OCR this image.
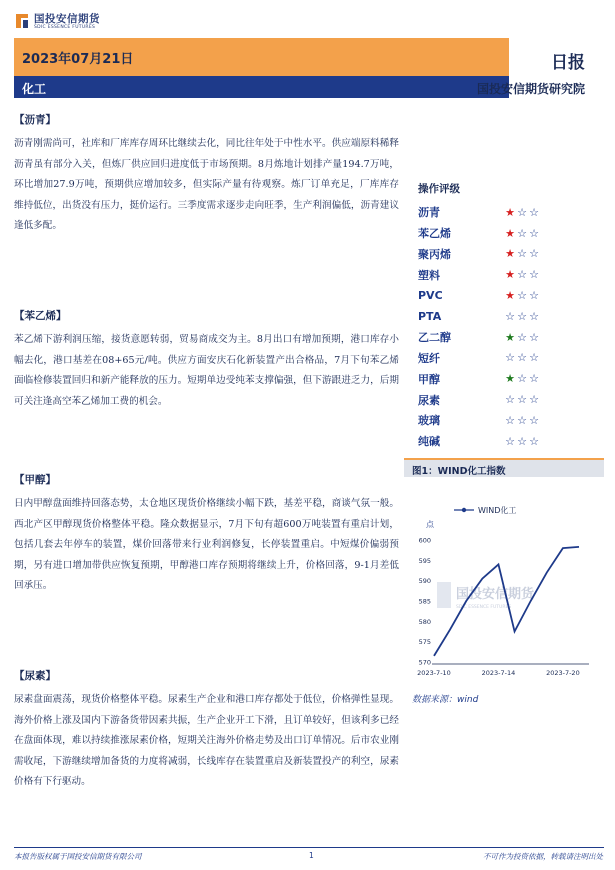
国投安信期货
SDIC ESSENCE FUTURES
2023年07月21日
化工
日报
国投安信期货研究院
【沥青】
沥青刚需尚可，社库和厂库库存周环比继续去化，同比往年处于中性水平。供应端原料稀释沥青虽有部分入关，但炼厂供应回归进度低于市场预期。8月炼地计划排产量194.7万吨，环比增加27.9万吨，预期供应增加较多，但实际产量有待观察。炼厂订单充足，厂库库存维持低位，出货没有压力，挺价运行。三季度需求逐步走向旺季，生产利润偏低，沥青建议逢低多配。
【苯乙烯】
苯乙烯下游利润压缩，接货意愿转弱，贸易商成交为主。8月出口有增加预期，港口库存小幅去化，港口基差在08+65元/吨。供应方面安庆石化新装置产出合格品，7月下旬苯乙烯面临检修装置回归和新产能释放的压力。短期单边受纯苯支撑偏强，但下游跟进乏力，后期可关注逢高空苯乙烯加工费的机会。
【甲醇】
日内甲醇盘面维持回落态势，太仓地区现货价格继续小幅下跌，基差平稳，商谈气氛一般。西北产区甲醇现货价格整体平稳。隆众数据显示，7月下旬有超600万吨装置有重启计划，包括几套去年停车的装置，煤价回落带来行业利润修复，长停装置重启。中短煤价偏弱预期，另有进口增加带供应恢复预期，甲醇港口库存预期将继续上升，价格回落，9-1月差低回承压。
【尿素】
尿素盘面震荡，现货价格整体平稳。尿素生产企业和港口库存都处于低位，价格弹性显现。海外价格上涨及国内下游备货带因素共振，生产企业开工下滑，且订单较好，但该利多已经在盘面体现，难以持续推涨尿素价格，短期关注海外价格走势及出口订单情况。后市农业刚需收尾，下游继续增加备货的力度将减弱，长线库存在装置重启及新装置投产的利空，尿素价格有下行驱动。
操作评级
沥青	★ ☆ ☆
苯乙烯	★ ☆ ☆
聚丙烯	★ ☆ ☆
塑料	★ ☆ ☆
PVC	★ ☆ ☆
PTA	☆ ☆ ☆
乙二醇	★ ☆ ☆
短纤	☆ ☆ ☆
甲醇	★ ☆ ☆
尿素	☆ ☆ ☆
玻璃	☆ ☆ ☆
纯碱	☆ ☆ ☆
图1：WIND化工指数
国投安信期货
SDIC ESSENCE FUTURES
WIND化工
点
570
575
580
585
590
595
600
2023-7-10	2023-7-14	2023-7-20
数据来源：wind
本报告版权属于国投安信期货有限公司	1	不可作为投资依据，转载请注明出处
